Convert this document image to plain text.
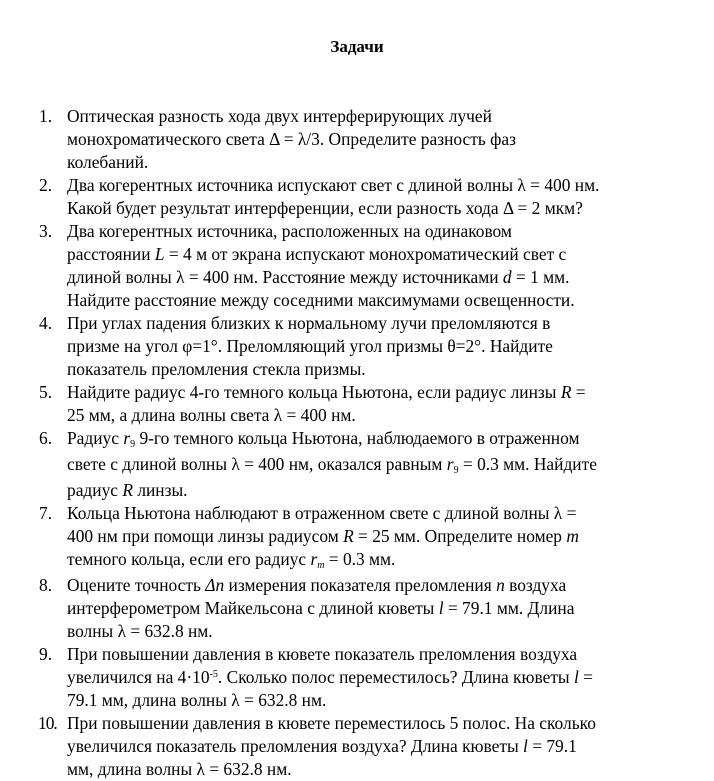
Задачи
1. Оптическая разность хода двух интерферирующих лучей
монохроматического света Δ = λ/3. Определите разность фаз
колебаний.
2. Два когерентных источника испускают свет с длиной волны λ = 400 нм.
Какой будет результат интерференции, если разность хода Δ = 2 мкм?
3. Два когерентных источника, расположенных на одинаковом
расстоянии L = 4 м от экрана испускают монохроматический свет с
длиной волны λ = 400 нм. Расстояние между источниками d = 1 мм.
Найдите расстояние между соседними максимумами освещенности.
4. При углах падения близких к нормальному лучи преломляются в
призме на угол φ=1°. Преломляющий угол призмы θ=2°. Найдите
показатель преломления стекла призмы.
5. Найдите радиус 4-го темного кольца Ньютона, если радиус линзы R =
25 мм, а длина волны света λ = 400 нм.
6. Радиус $r_9$ 9-го темного кольца Ньютона, наблюдаемого в отраженном
свете с длиной волны λ = 400 нм, оказался равным $r_9 = 0.3$ мм. Найдите
радиус R линзы.
7. Кольца Ньютона наблюдают в отраженном свете с длиной волны λ =
400 нм при помощи линзы радиусом R = 25 мм. Определите номер m
темного кольца, если его радиус $r_m = 0.3$ мм.
8. Оцените точность Δn измерения показателя преломления n воздуха
интерферометром Майкельсона с длиной кюветы l = 79.1 мм. Длина
волны λ = 632.8 нм.
9. При повышении давления в кювете показатель преломления воздуха
увеличился на $4\cdot 10^{-5}$. Сколько полос переместилось? Длина кюветы l =
79.1 мм, длина волны λ = 632.8 нм.
10. При повышении давления в кювете переместилось 5 полос. На сколько
увеличился показатель преломления воздуха? Длина кюветы l = 79.1
мм, длина волны λ = 632.8 нм.
